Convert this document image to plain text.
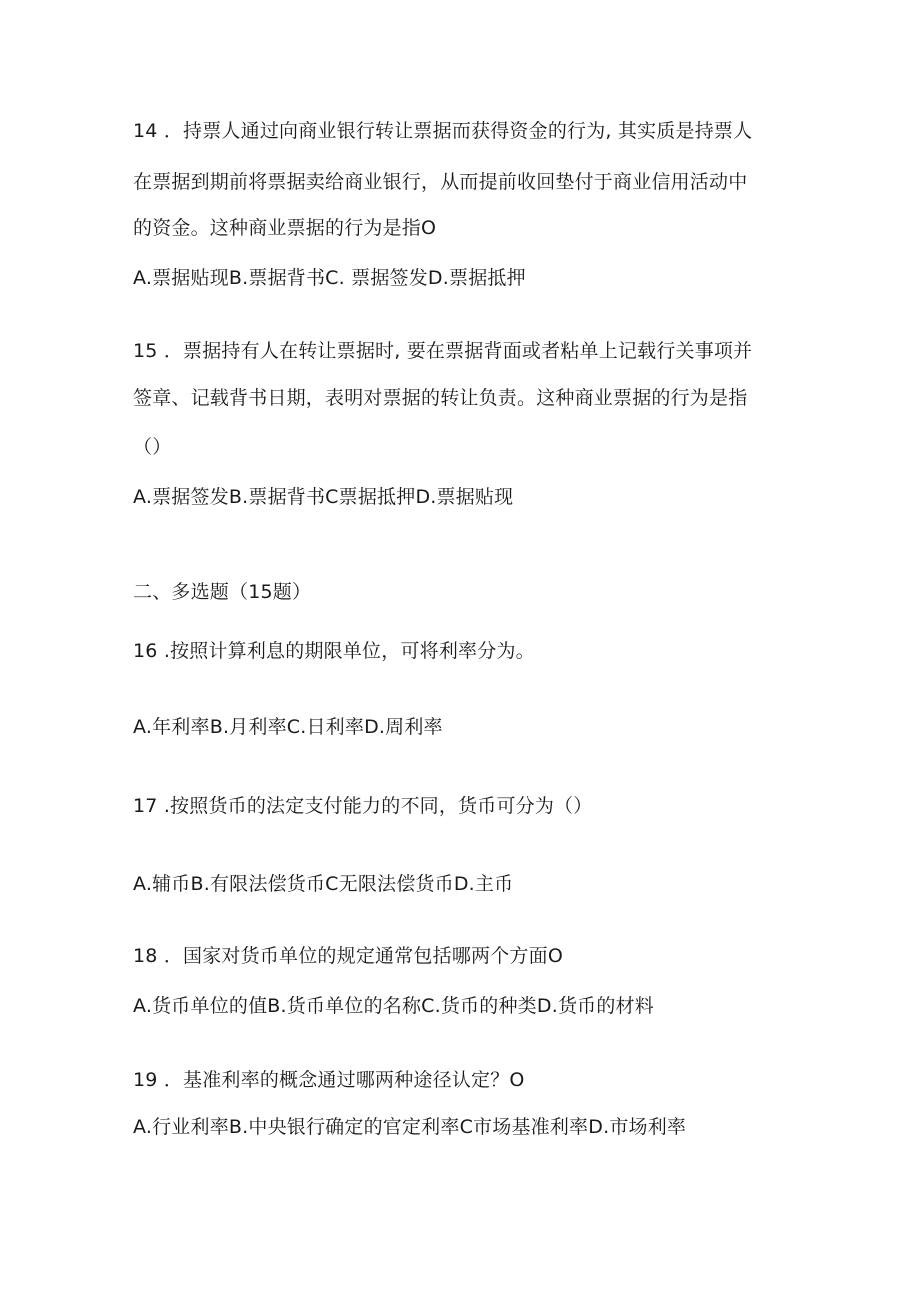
14 ．持票人通过向商业银行转让票据而获得资金的行为, 其实质是持票人
在票据到期前将票据卖给商业银行，从而提前收回垫付于商业信用活动中
的资金。这种商业票据的行为是指O
A.票据贴现B.票据背书C. 票据签发D.票据抵押
15 ．票据持有人在转让票据时, 要在票据背面或者粘单上记载行关事项并
签章、记载背书日期，表明对票据的转让负责。这种商业票据的行为是指
（）
A.票据签发B.票据背书C票据抵押D.票据贴现
二、多选题（15题）
16 .按照计算利息的期限单位，可将利率分为。
A.年利率B.月利率C.日利率D.周利率
17 .按照货币的法定支付能力的不同，货币可分为（）
A.辅币B.有限法偿货币C无限法偿货币D.主币
18 ．国家对货币单位的规定通常包括哪两个方面O
A.货币单位的值B.货币单位的名称C.货币的种类D.货币的材料
19 ．基准利率的概念通过哪两种途径认定？O
A.行业利率B.中央银行确定的官定利率C市场基准利率D.市场利率
